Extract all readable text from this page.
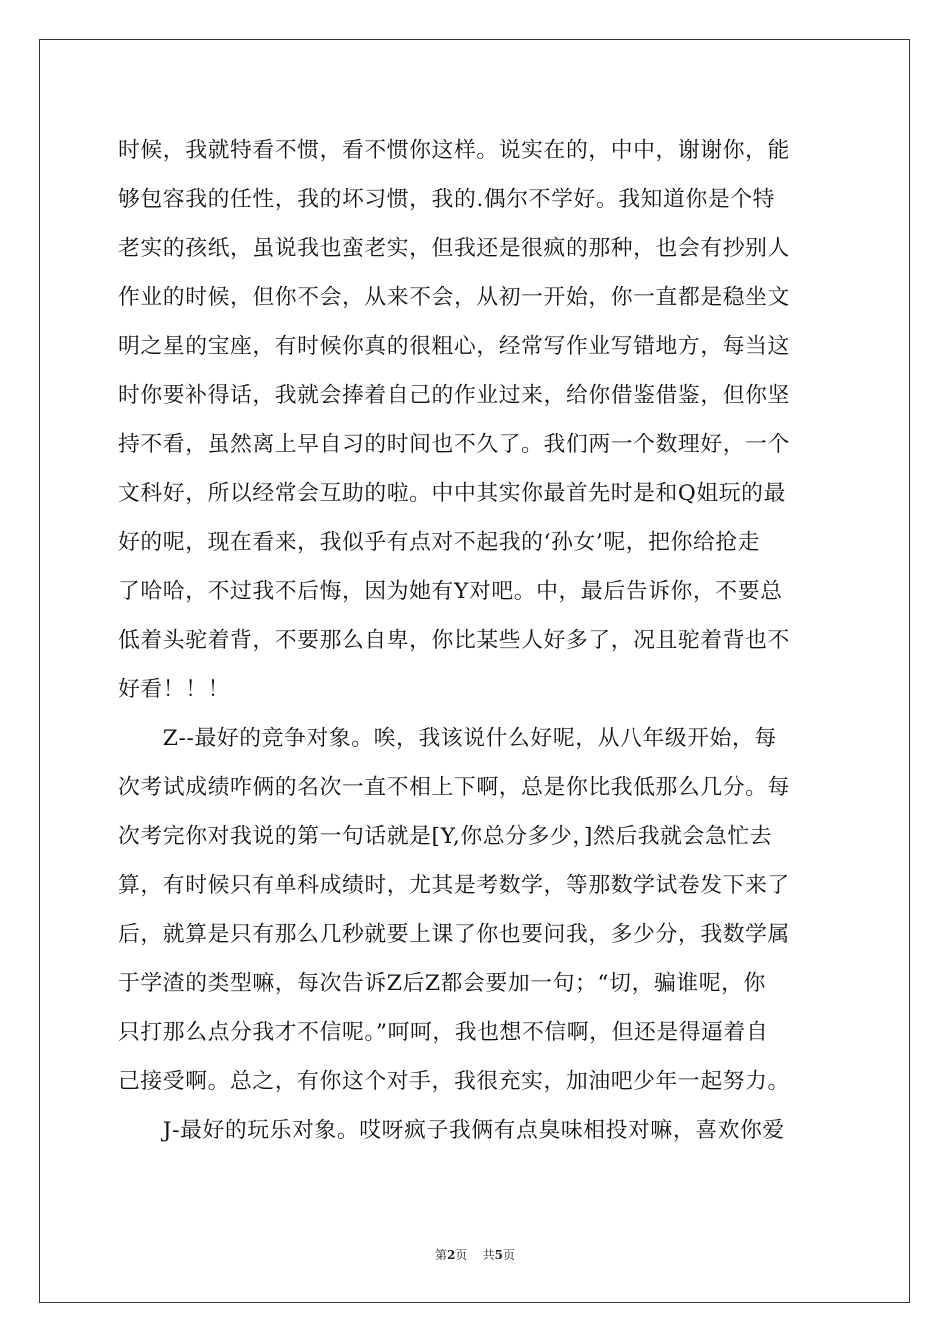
时候，我就特看不惯，看不惯你这样。说实在的，中中，谢谢你，能
够包容我的任性，我的坏习惯，我的.偶尔不学好。我知道你是个特
老实的孩纸，虽说我也蛮老实，但我还是很疯的那种，也会有抄别人
作业的时候，但你不会，从来不会，从初一开始，你一直都是稳坐文
明之星的宝座，有时候你真的很粗心，经常写作业写错地方，每当这
时你要补得话，我就会捧着自己的作业过来，给你借鉴借鉴，但你坚
持不看，虽然离上早自习的时间也不久了。我们两一个数理好，一个
文科好，所以经常会互助的啦。中中其实你最首先时是和Q姐玩的最
好的呢，现在看来，我似乎有点对不起我的‘孙女’呢，把你给抢走
了哈哈，不过我不后悔，因为她有Y对吧。中，最后告诉你，不要总
低着头驼着背，不要那么自卑，你比某些人好多了，况且驼着背也不
好看！！！
　　Z--最好的竞争对象。唉，我该说什么好呢，从八年级开始，每
次考试成绩咋俩的名次一直不相上下啊，总是你比我低那么几分。每
次考完你对我说的第一句话就是[Y,你总分多少，]然后我就会急忙去
算，有时候只有单科成绩时，尤其是考数学，等那数学试卷发下来了
后，就算是只有那么几秒就要上课了你也要问我，多少分，我数学属
于学渣的类型嘛，每次告诉Z后Z都会要加一句；“切，骗谁呢，你
只打那么点分我才不信呢。”呵呵，我也想不信啊，但还是得逼着自
己接受啊。总之，有你这个对手，我很充实，加油吧少年一起努力。
　　J-最好的玩乐对象。哎呀疯子我俩有点臭味相投对嘛，喜欢你爱
第2页 共5页
